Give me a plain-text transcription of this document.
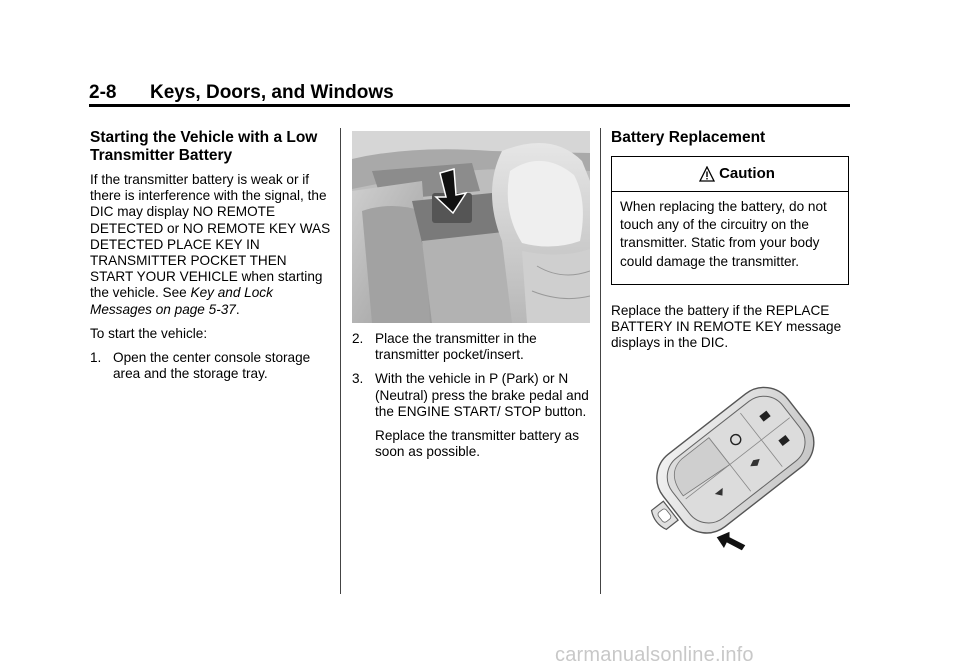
2-8 Keys, Doors, and Windows
Starting the Vehicle with a Low Transmitter Battery

If the transmitter battery is weak or if there is interference with the signal, the DIC may display NO REMOTE DETECTED or NO REMOTE KEY WAS DETECTED PLACE KEY IN TRANSMITTER POCKET THEN START YOUR VEHICLE when starting the vehicle. See Key and Lock Messages on page 5-37.

To start the vehicle:

1. Open the center console storage area and the storage tray.
2. Place the transmitter in the transmitter pocket/insert.
3. With the vehicle in P (Park) or N (Neutral) press the brake pedal and the ENGINE START/ STOP button.

Replace the transmitter battery as soon as possible.

Battery Replacement
Caution
When replacing the battery, do not touch any of the circuitry on the transmitter. Static from your body could damage the transmitter.

Replace the battery if the REPLACE BATTERY IN REMOTE KEY message displays in the DIC.

carmanualsonline.info
